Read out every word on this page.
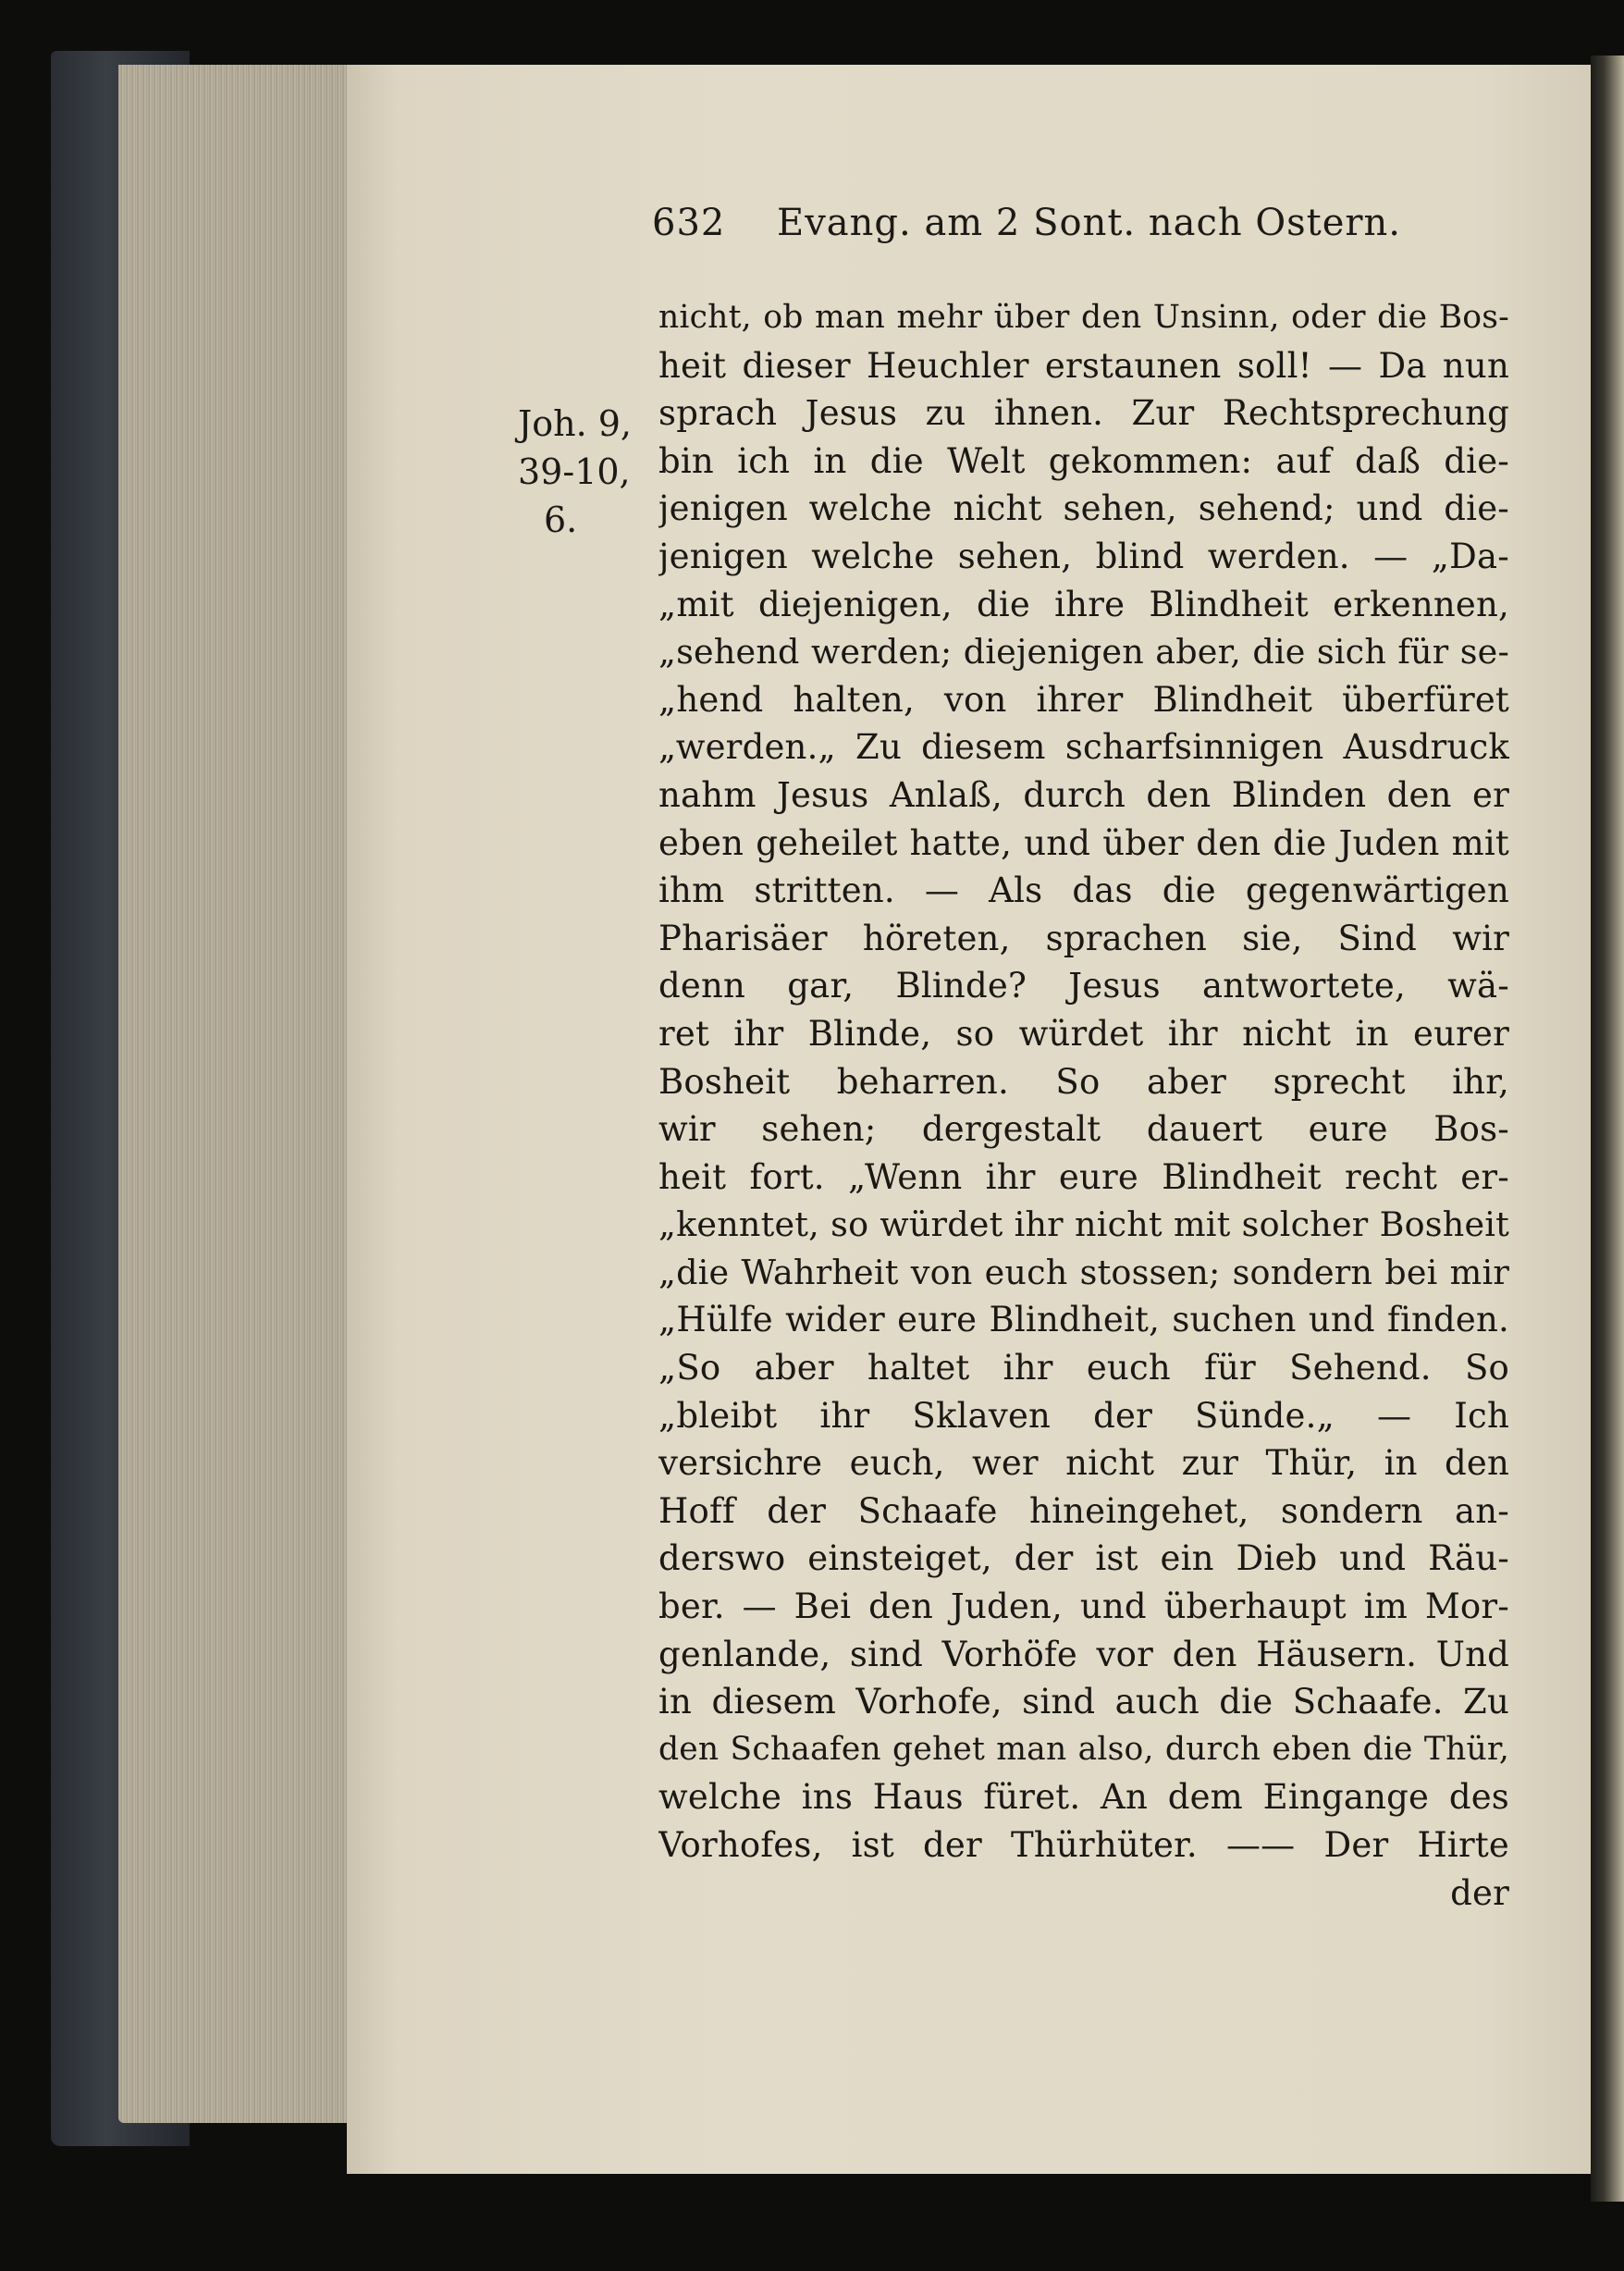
632	Evang. am 2 Sont. nach Ostern.
Joh. 9,
39-10,
6.
nicht, ob man mehr über den Unsinn, oder die Bos-
heit dieser Heuchler erstaunen soll! — Da nun
sprach Jesus zu ihnen. Zur Rechtsprechung
bin ich in die Welt gekommen: auf daß die-
jenigen welche nicht sehen, sehend; und die-
jenigen welche sehen, blind werden. — „Da-
„mit diejenigen, die ihre Blindheit erkennen,
„sehend werden; diejenigen aber, die sich für se-
„hend halten, von ihrer Blindheit überfüret
„werden.„ Zu diesem scharfsinnigen Ausdruck
nahm Jesus Anlaß, durch den Blinden den er
eben geheilet hatte, und über den die Juden mit
ihm stritten. — Als das die gegenwärtigen
Pharisäer höreten, sprachen sie, Sind wir
denn gar, Blinde? Jesus antwortete, wä-
ret ihr Blinde, so würdet ihr nicht in eurer
Bosheit beharren. So aber sprecht ihr,
wir sehen; dergestalt dauert eure Bos-
heit fort. „Wenn ihr eure Blindheit recht er-
„kenntet, so würdet ihr nicht mit solcher Bosheit
„die Wahrheit von euch stossen; sondern bei mir
„Hülfe wider eure Blindheit, suchen und finden.
„So aber haltet ihr euch für Sehend. So
„bleibt ihr Sklaven der Sünde.„ — Ich
versichre euch, wer nicht zur Thür, in den
Hoff der Schaafe hineingehet, sondern an-
derswo einsteiget, der ist ein Dieb und Räu-
ber. — Bei den Juden, und überhaupt im Mor-
genlande, sind Vorhöfe vor den Häusern. Und
in diesem Vorhofe, sind auch die Schaafe. Zu
den Schaafen gehet man also, durch eben die Thür,
welche ins Haus füret. An dem Eingange des
Vorhofes, ist der Thürhüter. —— Der Hirte
der
